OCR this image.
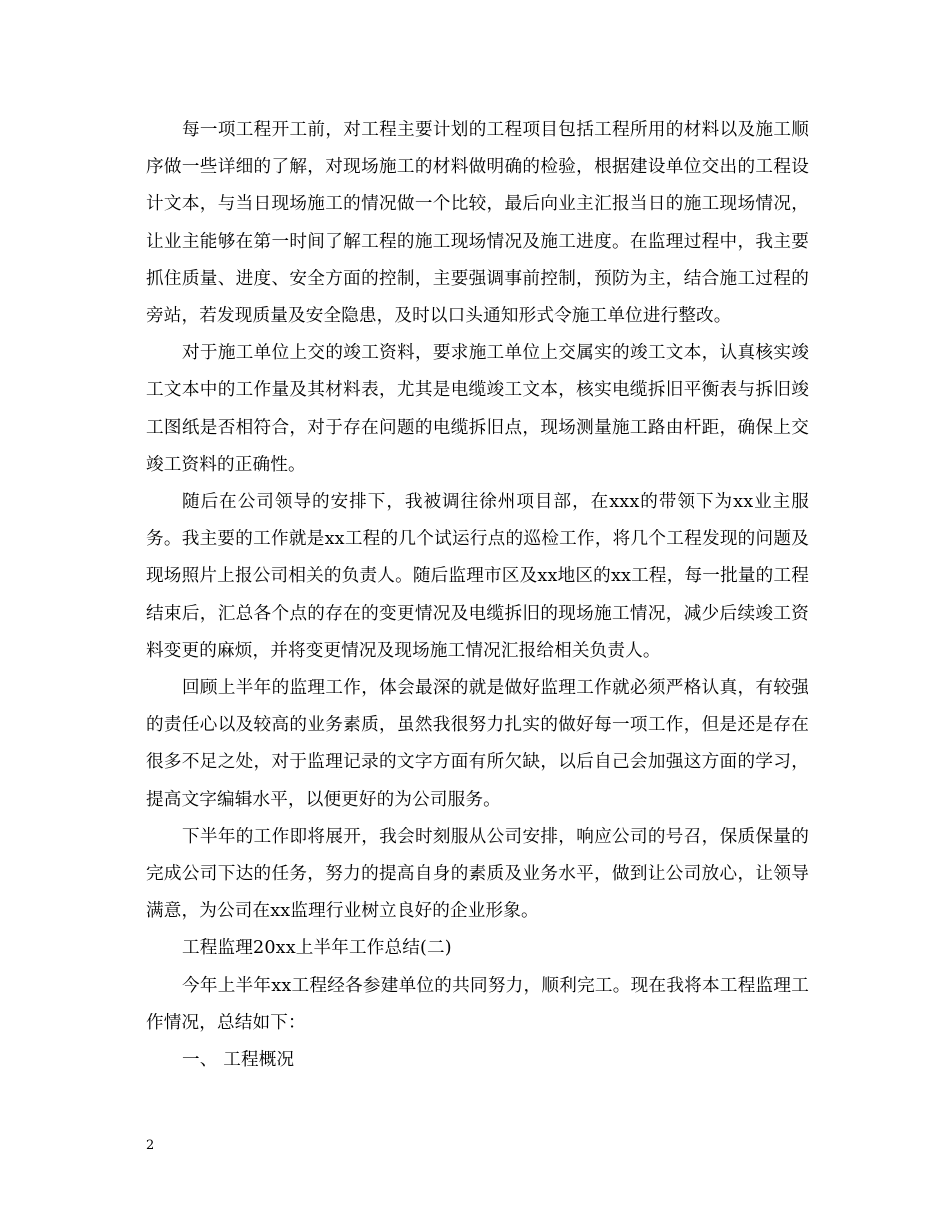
每一项工程开工前，对工程主要计划的工程项目包括工程所用的材料以及施工顺序做一些详细的了解，对现场施工的材料做明确的检验，根据建设单位交出的工程设计文本，与当日现场施工的情况做一个比较，最后向业主汇报当日的施工现场情况，让业主能够在第一时间了解工程的施工现场情况及施工进度。在监理过程中，我主要抓住质量、进度、安全方面的控制，主要强调事前控制，预防为主，结合施工过程的旁站，若发现质量及安全隐患，及时以口头通知形式令施工单位进行整改。

对于施工单位上交的竣工资料，要求施工单位上交属实的竣工文本，认真核实竣工文本中的工作量及其材料表，尤其是电缆竣工文本，核实电缆拆旧平衡表与拆旧竣工图纸是否相符合，对于存在问题的电缆拆旧点，现场测量施工路由杆距，确保上交竣工资料的正确性。

随后在公司领导的安排下，我被调往徐州项目部，在xxx的带领下为xx业主服务。我主要的工作就是xx工程的几个试运行点的巡检工作，将几个工程发现的问题及现场照片上报公司相关的负责人。随后监理市区及xx地区的xx工程，每一批量的工程结束后，汇总各个点的存在的变更情况及电缆拆旧的现场施工情况，减少后续竣工资料变更的麻烦，并将变更情况及现场施工情况汇报给相关负责人。

回顾上半年的监理工作，体会最深的就是做好监理工作就必须严格认真，有较强的责任心以及较高的业务素质，虽然我很努力扎实的做好每一项工作，但是还是存在很多不足之处，对于监理记录的文字方面有所欠缺，以后自己会加强这方面的学习，提高文字编辑水平，以便更好的为公司服务。

下半年的工作即将展开，我会时刻服从公司安排，响应公司的号召，保质保量的完成公司下达的任务，努力的提高自身的素质及业务水平，做到让公司放心，让领导满意，为公司在xx监理行业树立良好的企业形象。

工程监理20xx上半年工作总结(二)

今年上半年xx工程经各参建单位的共同努力，顺利完工。现在我将本工程监理工作情况，总结如下：

一、 工程概况

2
